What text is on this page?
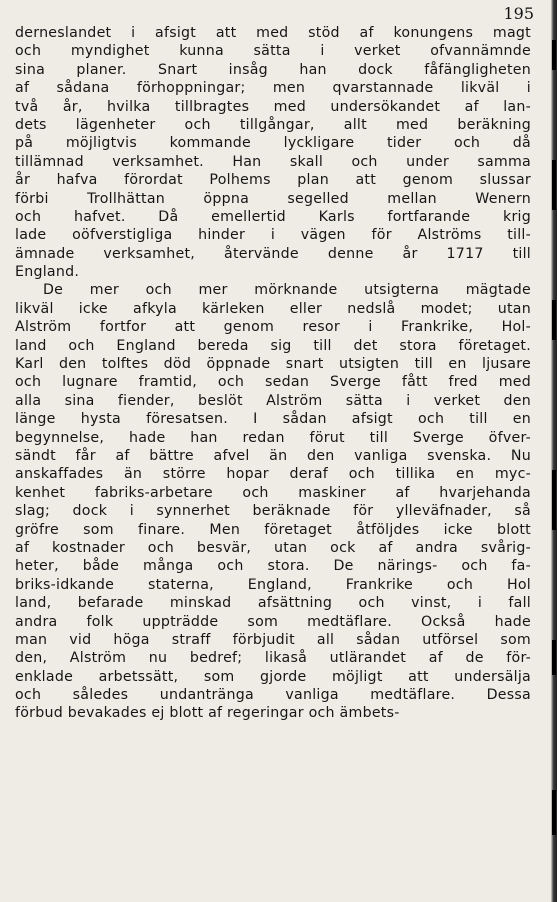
195
derneslandet i afsigt att med stöd af konungens magt
och myndighet kunna sätta i verket ofvannämnde
sina planer. Snart insåg han dock fåfängligheten
af sådana förhoppningar; men qvarstannade likväl i
två år, hvilka tillbragtes med undersökandet af lan-
dets lägenheter och tillgångar, allt med beräkning
på möjligtvis kommande lyckligare tider och då
tillämnad verksamhet. Han skall och under samma
år hafva förordat Polhems plan att genom slussar
förbi Trollhättan öppna segelled mellan Wenern
och hafvet. Då emellertid Karls fortfarande krig
lade oöfverstigliga hinder i vägen för Alströms till-
ämnade verksamhet, återvände denne år 1717 till
England.
De mer och mer mörknande utsigterna mägtade
likväl icke afkyla kärleken eller nedslå modet; utan
Alström fortfor att genom resor i Frankrike, Hol-
land och England bereda sig till det stora företaget.
Karl den tolftes död öppnade snart utsigten till en ljusare
och lugnare framtid, och sedan Sverge fått fred med
alla sina fiender, beslöt Alström sätta i verket den
länge hysta föresatsen. I sådan afsigt och till en
begynnelse, hade han redan förut till Sverge öfver-
sändt får af bättre afvel än den vanliga svenska. Nu
anskaffades än större hopar deraf och tillika en myc-
kenhet fabriks-arbetare och maskiner af hvarjehanda
slag; dock i synnerhet beräknade för ylleväfnader, så
gröfre som finare. Men företaget åtföljdes icke blott
af kostnader och besvär, utan ock af andra svårig-
heter, både många och stora. De närings- och fa-
briks-idkande staterna, England, Frankrike och Hol
land, befarade minskad afsättning och vinst, i fall
andra folk uppträdde som medtäflare. Också hade
man vid höga straff förbjudit all sådan utförsel som
den, Alström nu bedref; likaså utlärandet af de för-
enklade arbetssätt, som gjorde möjligt att undersälja
och således undantränga vanliga medtäflare. Dessa
förbud bevakades ej blott af regeringar och ämbets-
